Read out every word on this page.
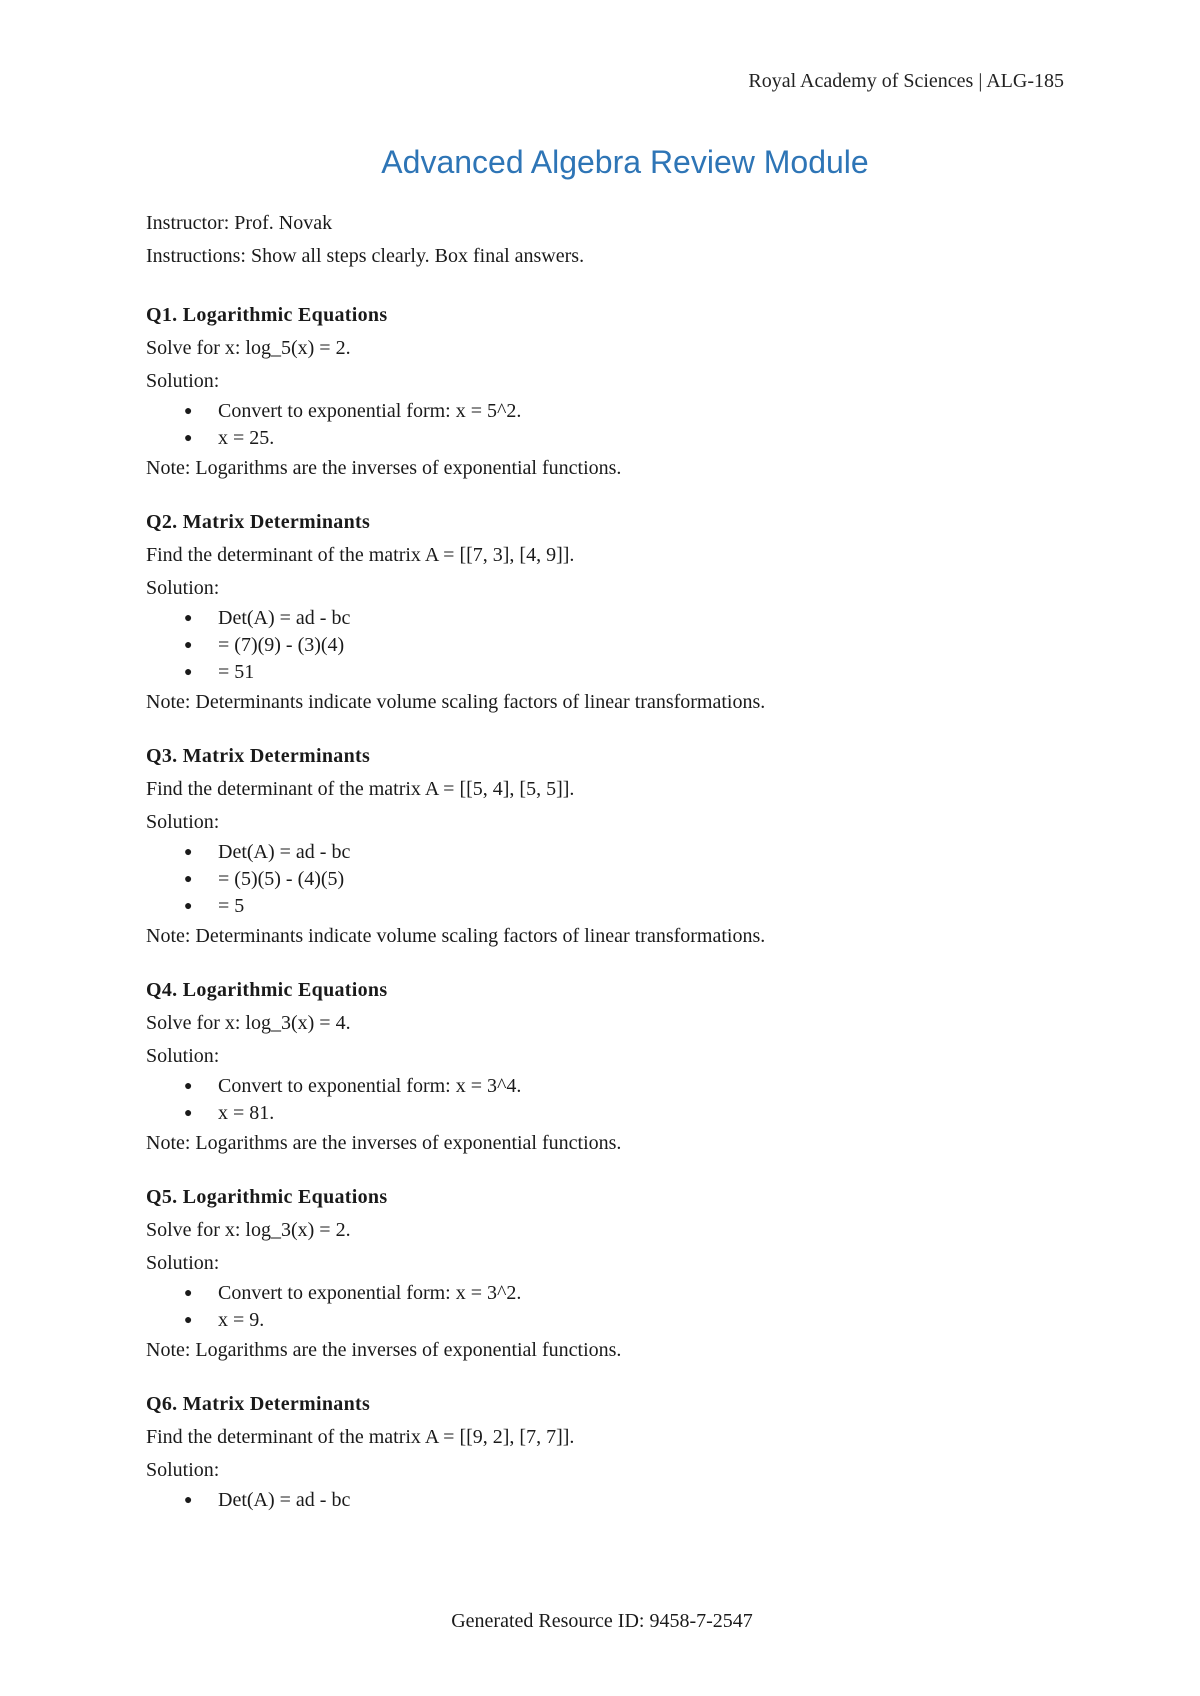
Royal Academy of Sciences | ALG-185
Advanced Algebra Review Module
Instructor: Prof. Novak
Instructions: Show all steps clearly. Box final answers.
Q1. Logarithmic Equations
Solve for x: log_5(x) = 2.
Solution:
● Convert to exponential form: x = 5^2.
● x = 25.
Note: Logarithms are the inverses of exponential functions.
Q2. Matrix Determinants
Find the determinant of the matrix A = [[7, 3], [4, 9]].
Solution:
● Det(A) = ad - bc
● = (7)(9) - (3)(4)
● = 51
Note: Determinants indicate volume scaling factors of linear transformations.
Q3. Matrix Determinants
Find the determinant of the matrix A = [[5, 4], [5, 5]].
Solution:
● Det(A) = ad - bc
● = (5)(5) - (4)(5)
● = 5
Note: Determinants indicate volume scaling factors of linear transformations.
Q4. Logarithmic Equations
Solve for x: log_3(x) = 4.
Solution:
● Convert to exponential form: x = 3^4.
● x = 81.
Note: Logarithms are the inverses of exponential functions.
Q5. Logarithmic Equations
Solve for x: log_3(x) = 2.
Solution:
● Convert to exponential form: x = 3^2.
● x = 9.
Note: Logarithms are the inverses of exponential functions.
Q6. Matrix Determinants
Find the determinant of the matrix A = [[9, 2], [7, 7]].
Solution:
● Det(A) = ad - bc
Generated Resource ID: 9458-7-2547
